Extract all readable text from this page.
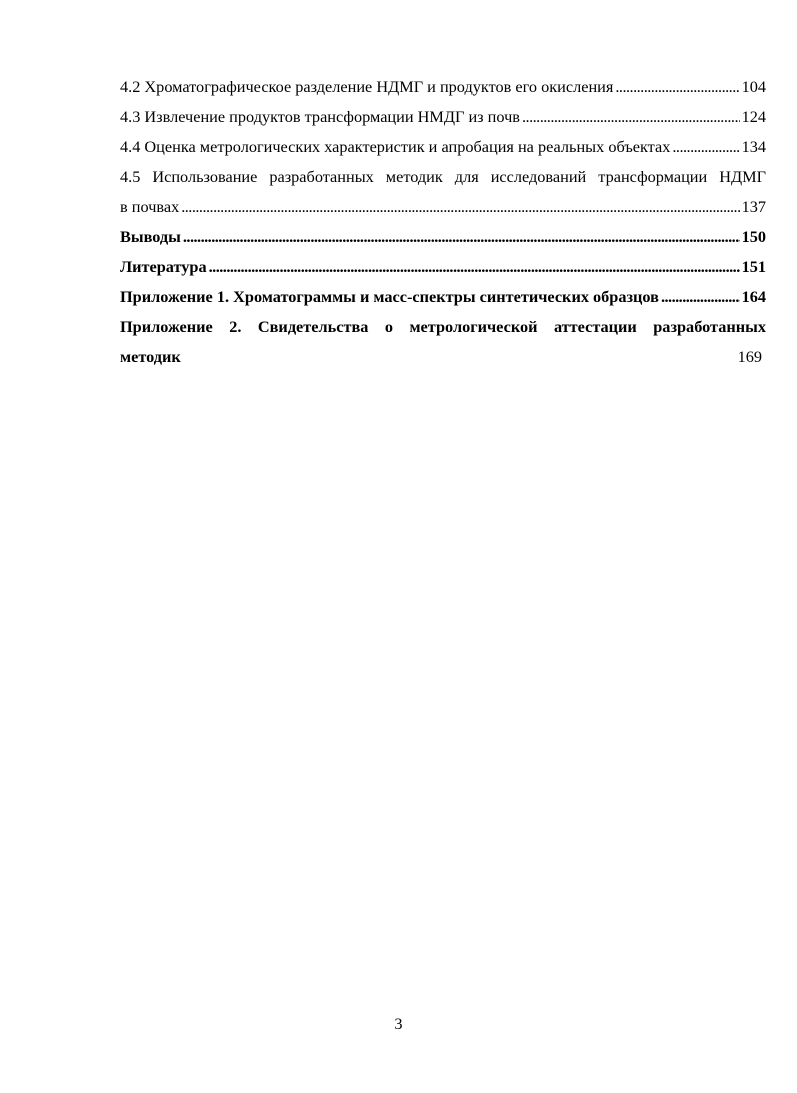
4.2 Хроматографическое разделение НДМГ и продуктов его окисления . . .	104
4.3 Извлечение продуктов трансформации НМДГ из почв . . .	124
4.4 Оценка метрологических характеристик и апробация на реальных объектах . . .	134
4.5 Использование разработанных методик для исследований трансформации НДМГ
в почвах . . .	137
Выводы . . .	150
Литература . . .	151
Приложение 1. Хроматограммы и масс-спектры синтетических образцов . . .	164
Приложение 2. Свидетельства о метрологической аттестации разработанных
методик	169
3
